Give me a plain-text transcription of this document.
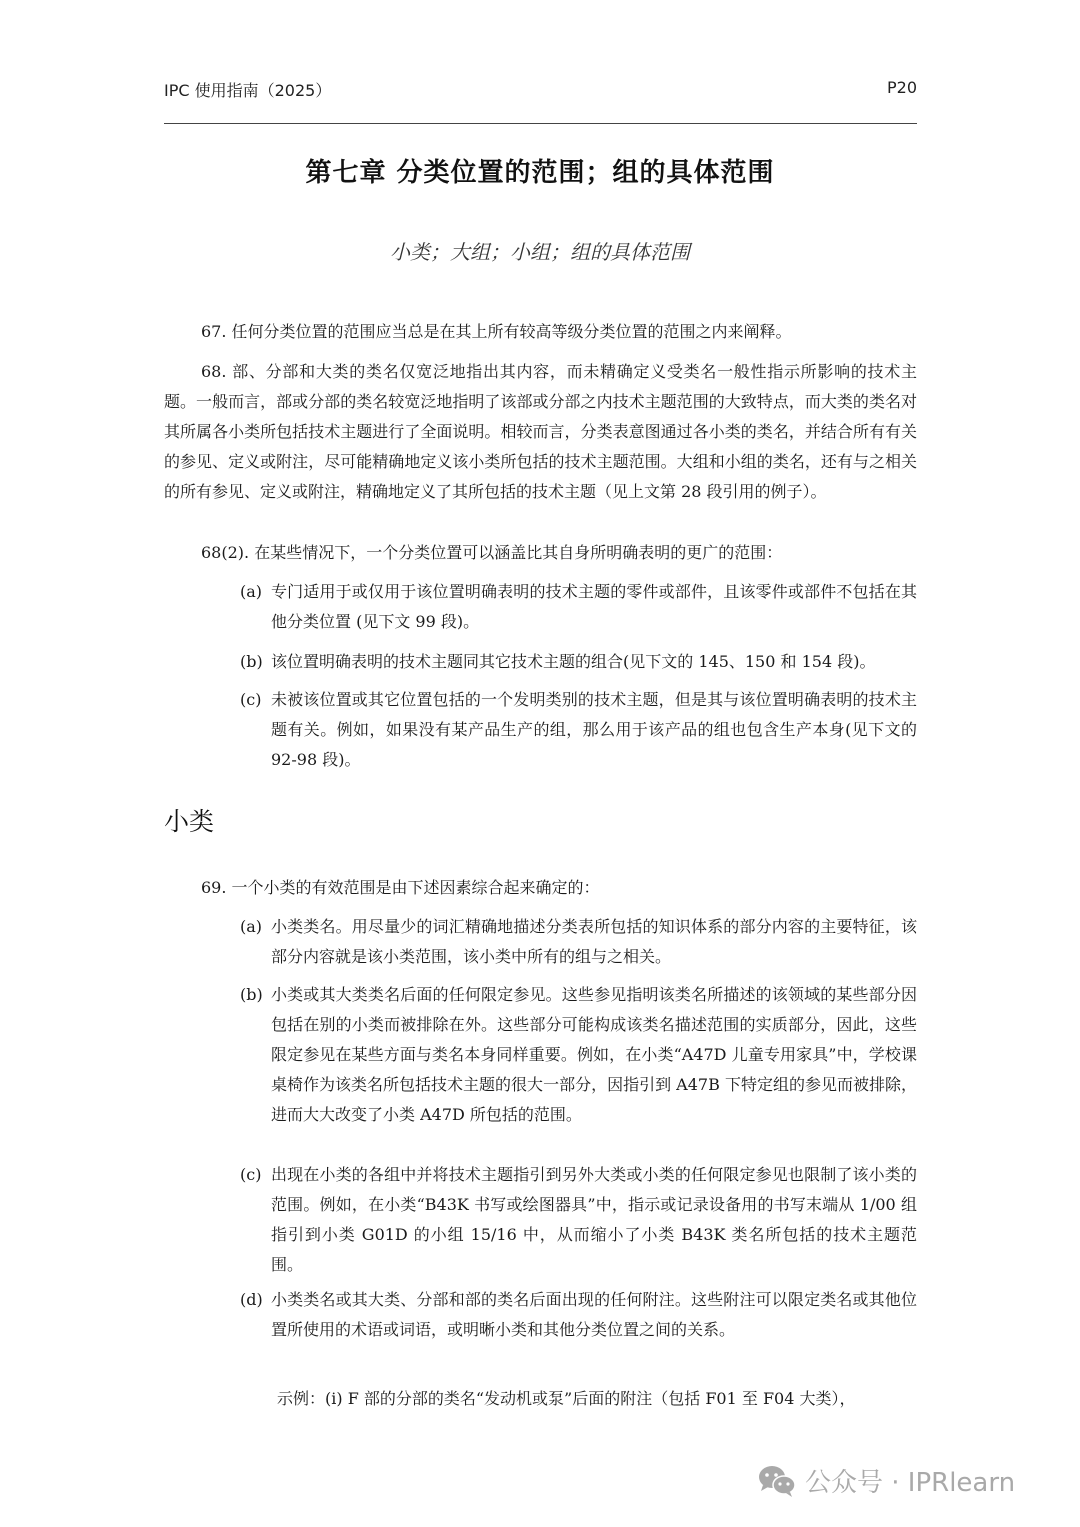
IPC 使用指南（2025）	P20
第七章 分类位置的范围；组的具体范围
小类；大组；小组；组的具体范围
67. 任何分类位置的范围应当总是在其上所有较高等级分类位置的范围之内来阐释。
68. 部、分部和大类的类名仅宽泛地指出其内容，而未精确定义受类名一般性指示所影响的技术主题。一般而言，部或分部的类名较宽泛地指明了该部或分部之内技术主题范围的大致特点，而大类的类名对其所属各小类所包括技术主题进行了全面说明。相较而言，分类表意图通过各小类的类名，并结合所有有关的参见、定义或附注，尽可能精确地定义该小类所包括的技术主题范围。大组和小组的类名，还有与之相关的所有参见、定义或附注，精确地定义了其所包括的技术主题（见上文第 28 段引用的例子）。
68(2). 在某些情况下，一个分类位置可以涵盖比其自身所明确表明的更广的范围：
(a) 专门适用于或仅用于该位置明确表明的技术主题的零件或部件，且该零件或部件不包括在其他分类位置 (见下文 99 段)。
(b) 该位置明确表明的技术主题同其它技术主题的组合(见下文的 145、150 和 154 段)。
(c) 未被该位置或其它位置包括的一个发明类别的技术主题，但是其与该位置明确表明的技术主题有关。例如，如果没有某产品生产的组，那么用于该产品的组也包含生产本身(见下文的 92-98 段)。
小类
69. 一个小类的有效范围是由下述因素综合起来确定的：
(a) 小类类名。用尽量少的词汇精确地描述分类表所包括的知识体系的部分内容的主要特征，该部分内容就是该小类范围，该小类中所有的组与之相关。
(b) 小类或其大类类名后面的任何限定参见。这些参见指明该类名所描述的该领域的某些部分因包括在别的小类而被排除在外。这些部分可能构成该类名描述范围的实质部分，因此，这些限定参见在某些方面与类名本身同样重要。例如，在小类“A47D 儿童专用家具”中，学校课桌椅作为该类名所包括技术主题的很大一部分，因指引到 A47B 下特定组的参见而被排除，进而大大改变了小类 A47D 所包括的范围。
(c) 出现在小类的各组中并将技术主题指引到另外大类或小类的任何限定参见也限制了该小类的范围。例如，在小类“B43K 书写或绘图器具”中，指示或记录设备用的书写末端从 1/00 组指引到小类 G01D 的小组 15/16 中，从而缩小了小类 B43K 类名所包括的技术主题范围。
(d) 小类类名或其大类、分部和部的类名后面出现的任何附注。这些附注可以限定类名或其他位置所使用的术语或词语，或明晰小类和其他分类位置之间的关系。
示例：(i) F 部的分部的类名“发动机或泵”后面的附注（包括 F01 至 F04 大类），
公众号 · IPRlearn
